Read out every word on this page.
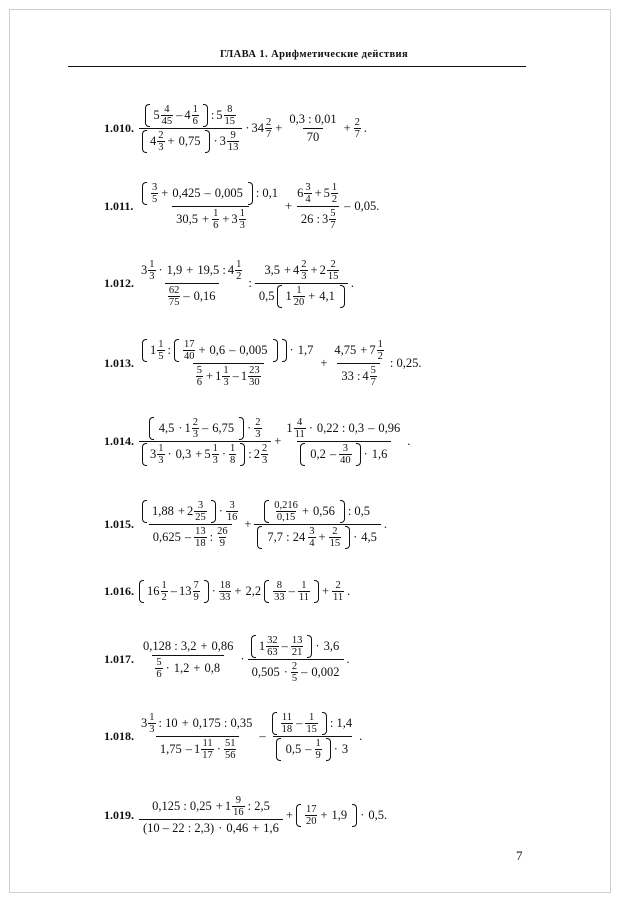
ГЛАВА 1. Арифметические действия
1.010. $\frac{5 \frac{4}{45} - 4 \frac{1}{6} : 5 \frac{8}{15}}{4 \frac{2}{3} + 0,75 \cdot 3 \frac{9}{13}} \cdot 34 \frac{2}{7} + \frac{0,3 : 0,01}{70} + \frac{2}{7}$ .
1.011. $\frac{\frac{3}{5} + 0,425 - 0,005 : 0,1}{30,5 + \frac{1}{6} + 3 \frac{1}{3}} + \frac{6 \frac{3}{4} + 5 \frac{1}{2}}{26 : 3 \frac{5}{7}} - 0,05$.
1.012. $\frac{3 \frac{1}{3} \cdot 1,9 + 19,5 : 4 \frac{1}{2}}{\frac{62}{75} - 0,16}$ : $\frac{3,5 + 4 \frac{2}{3} + 2 \frac{2}{15}}{0,5 1 \frac{1}{20} + 4,1}$ .
1.013. $\frac{1 \frac{1}{5} : \frac{17}{40} + 0,6 - 0,005 \cdot 1,7}{\frac{5}{6} + 1 \frac{1}{3} - 1 \frac{23}{30}} + \frac{4,75 + 7 \frac{1}{2}}{33 : 4 \frac{5}{7}}$ : 0,25.
1.014. $\frac{4,5 \cdot 1 \frac{2}{3} - 6,75 \cdot \frac{2}{3}}{3 \frac{1}{3} \cdot 0,3 + 5 \frac{1}{3} \cdot \frac{1}{8} : 2 \frac{2}{3}} + \frac{1 \frac{4}{11} \cdot 0,22 : 0,3 - 0,96}{0,2 - \frac{3}{40} \cdot 1,6}$ .
1.015. $\frac{1,88 + 2 \frac{3}{25} \cdot \frac{3}{16}}{0,625 - \frac{13}{18} : \frac{26}{9}} + \frac{\frac{0,216}{0,15} + 0,56 : 0,5}{7,7 : 24 \frac{3}{4} + \frac{2}{15} \cdot 4,5}$ .
1.016.	$16 \frac{1}{2} - 13 \frac{7}{9} \cdot \frac{18}{33} + 2,2 \frac{8}{33} - \frac{1}{11} + \frac{2}{11}$ .
1.017. $\frac{0,128 : 3,2 + 0,86}{\frac{5}{6} \cdot 1,2 + 0,8} \cdot \frac{1 \frac{32}{63} - \frac{13}{21} \cdot 3,6}{0,505 \cdot \frac{2}{5} - 0,002}$ .
1.018. $\frac{3 \frac{1}{3} : 10 + 0,175 : 0,35}{1,75 - 1 \frac{11}{17} \cdot \frac{51}{56}} - \frac{\frac{11}{18} - \frac{1}{15} : 1,4}{0,5 - \frac{1}{9} \cdot 3}$ .
1.019. $\frac{0,125 : 0,25 + 1 \frac{9}{16} : 2,5}{(10 - 22 : 2,3) \cdot 0,46 + 1,6} + \frac{17}{20} + 1,9 \cdot 0,5$.
7
